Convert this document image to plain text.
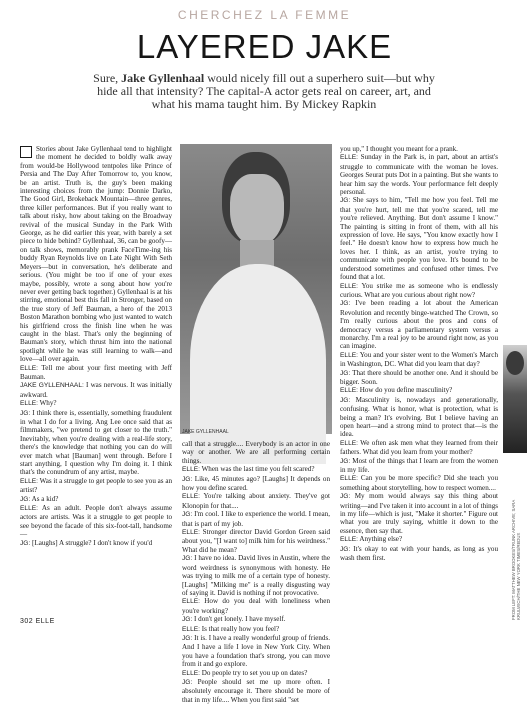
CHERCHEZ LA FEMME
LAYERED JAKE
Sure, Jake Gyllenhaal would nicely fill out a superhero suit—but why hide all that intensity? The capital-A actor gets real on career, art, and what his mama taught him. By Mickey Rapkin

Stories about Jake Gyllenhaal tend to highlight the moment he decided to boldly walk away from would-be Hollywood tentpoles like Prince of Persia and The Day After Tomorrow to, you know, be an artist. Truth is, the guy's been making interesting choices from the jump: Donnie Darko, The Good Girl, Brokeback Mountain—three genres, three killer performances. But if you really want to talk about risky, how about taking on the Broadway revival of the musical Sunday in the Park With George, as he did earlier this year, with barely a set piece to hide behind? Gyllenhaal, 36, can be goofy—on talk shows, memorably prank FaceTime-ing his buddy Ryan Reynolds live on Late Night With Seth Meyers—but in conversation, he's deliberate and serious. (You might be too if one of your exes maybe, possibly, wrote a song about how you're never ever getting back together.) Gyllenhaal is at his stirring, emotional best this fall in Stronger, based on the true story of Jeff Bauman, a hero of the 2013 Boston Marathon bombing who just wanted to watch his girlfriend cross the finish line when he was caught in the blast. That's only the beginning of Bauman's story, which thrust him into the national spotlight while he was still learning to walk—and love—all over again.

ELLE: Tell me about your first meeting with Jeff Bauman.

JAKE GYLLENHAAL: I was nervous. It was initially awkward.

ELLE: Why?

JG: I think there is, essentially, something fraudulent in what I do for a living. Ang Lee once said that as filmmakers, "we pretend to get closer to the truth." Inevitably, when you're dealing with a real-life story, there's the knowledge that nothing you can do will ever match what [Bauman] went through. Before I start anything, I question why I'm doing it. I think that's the conundrum of any artist, maybe.

ELLE: Was it a struggle to get people to see you as an artist?

JG: As a kid?

ELLE: As an adult. People don't always assume actors are artists. Was it a struggle to get people to see beyond the facade of this six-foot-tall, handsome—

JG: [Laughs] A struggle? I don't know if you'd

JAKE GYLLENHAAL

call that a struggle.... Everybody is an actor in one way or another. We are all performing certain things.

ELLE: When was the last time you felt scared?

JG: Like, 45 minutes ago? [Laughs] It depends on how you define scared.

ELLE: You're talking about anxiety. They've got Klonopin for that....

JG: I'm cool. I like to experience the world. I mean, that is part of my job.

ELLE: Stronger director David Gordon Green said about you, "[I want to] milk him for his weirdness." What did he mean?

JG: I have no idea. David lives in Austin, where the word weirdness is synonymous with honesty. He was trying to milk me of a certain type of honesty. [Laughs] "Milking me" is a really disgusting way of saying it. David is nothing if not provocative.

ELLE: How do you deal with loneliness when you're working?

JG: I don't get lonely. I have myself.

ELLE: Is that really how you feel?

JG: It is. I have a really wonderful group of friends. And I have a life I love in New York City. When you have a foundation that's strong, you can move from it and go explore.

ELLE: Do people try to set you up on dates?

JG: People should set me up more often. I absolutely encourage it. There should be more of that in my life.... When you first said "set

you up," I thought you meant for a prank.

ELLE: Sunday in the Park is, in part, about an artist's struggle to communicate with the woman he loves. Georges Seurat puts Dot in a painting. But she wants to hear him say the words. Your performance felt deeply personal.

JG: She says to him, "Tell me how you feel. Tell me that you're hurt, tell me that you're scared, tell me you're relieved. Anything. But don't assume I know." The painting is sitting in front of them, with all his expression of love. He says, "You know exactly how I feel." He doesn't know how to express how much he loves her. I think, as an artist, you're trying to communicate with people you love. It's bound to be understood sometimes and confused other times. I've found that a lot.

ELLE: You strike me as someone who is endlessly curious. What are you curious about right now?

JG: I've been reading a lot about the American Revolution and recently binge-watched The Crown, so I'm really curious about the pros and cons of democracy versus a parliamentary system versus a monarchy. I'm a real joy to be around right now, as you can imagine.

ELLE: You and your sister went to the Women's March in Washington, DC. What did you learn that day?

JG: That there should be another one. And it should be bigger. Soon.

ELLE: How do you define masculinity?

JG: Masculinity is, nowadays and generationally, confusing. What is honor, what is protection, what is being a man? It's evolving. But I believe having an open heart—and a strong mind to protect that—is the idea.

ELLE: We often ask men what they learned from their fathers. What did you learn from your mother?

JG: Most of the things that I learn are from the women in my life.

ELLE: Can you be more specific? Did she teach you something about storytelling, how to respect women....

JG: My mom would always say this thing about writing—and I've taken it into account in a lot of things in my life—which is just, "Make it shorter." Figure out what you are truly saying, whittle it down to the essence, then say that.

ELLE: Anything else?

JG: It's okay to eat with your hands, as long as you wash them first.	FROM LEFT: MATTHEW BROOKES/TRUNK ARCHIVE; SARA KRULWICH/THE NEW YORK TIMES/REDUX
302 ELLE
